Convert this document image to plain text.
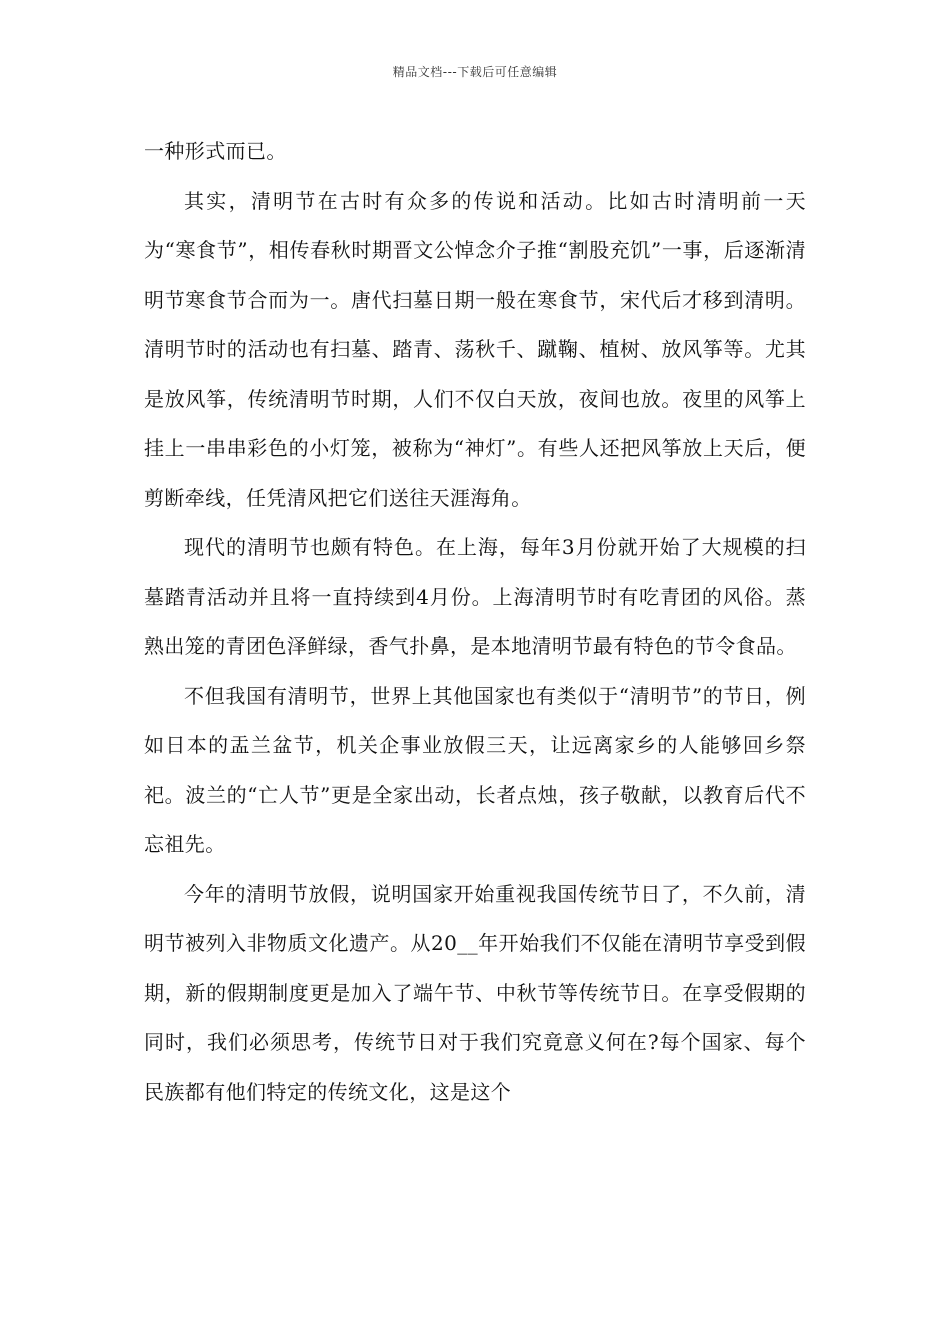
精品文档---下载后可任意编辑

一种形式而已。

其实，清明节在古时有众多的传说和活动。比如古时清明前一天为“寒食节”，相传春秋时期晋文公悼念介子推“割股充饥”一事，后逐渐清明节寒食节合而为一。唐代扫墓日期一般在寒食节，宋代后才移到清明。清明节时的活动也有扫墓、踏青、荡秋千、蹴鞠、植树、放风筝等。尤其是放风筝，传统清明节时期，人们不仅白天放，夜间也放。夜里的风筝上挂上一串串彩色的小灯笼，被称为“神灯”。有些人还把风筝放上天后，便剪断牵线，任凭清风把它们送往天涯海角。

现代的清明节也颇有特色。在上海，每年3月份就开始了大规模的扫墓踏青活动并且将一直持续到4月份。上海清明节时有吃青团的风俗。蒸熟出笼的青团色泽鲜绿，香气扑鼻，是本地清明节最有特色的节令食品。

不但我国有清明节，世界上其他国家也有类似于“清明节”的节日，例如日本的盂兰盆节，机关企事业放假三天，让远离家乡的人能够回乡祭祀。波兰的“亡人节”更是全家出动，长者点烛，孩子敬献，以教育后代不忘祖先。

今年的清明节放假，说明国家开始重视我国传统节日了，不久前，清明节被列入非物质文化遗产。从20__年开始我们不仅能在清明节享受到假期，新的假期制度更是加入了端午节、中秋节等传统节日。在享受假期的同时，我们必须思考，传统节日对于我们究竟意义何在?每个国家、每个民族都有他们特定的传统文化，这是这个
